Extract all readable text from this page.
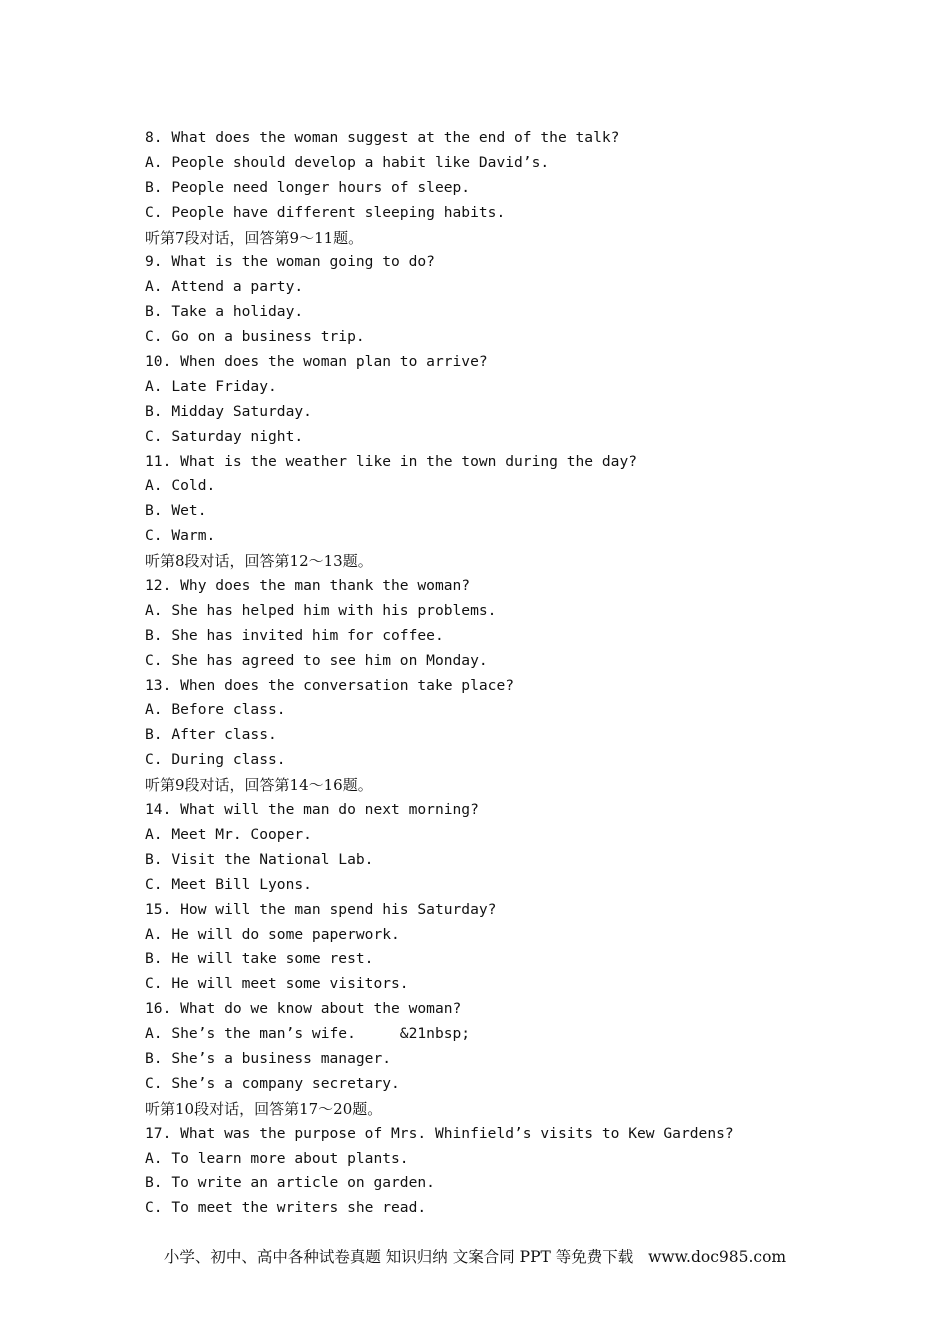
8. What does the woman suggest at the end of the talk?
A. People should develop a habit like David’s.
B. People need longer hours of sleep.
C. People have different sleeping habits.
听第7段对话，回答第9～11题。
9. What is the woman going to do?
A. Attend a party.
B. Take a holiday.
C. Go on a business trip.
10. When does the woman plan to arrive?
A. Late Friday.
B. Midday Saturday.
C. Saturday night.
11. What is the weather like in the town during the day?
A. Cold.
B. Wet.
C. Warm.
听第8段对话，回答第12～13题。
12. Why does the man thank the woman?
A. She has helped him with his problems.
B. She has invited him for coffee.
C. She has agreed to see him on Monday.
13. When does the conversation take place?
A. Before class.
B. After class.
C. During class.
听第9段对话，回答第14～16题。
14. What will the man do next morning?
A. Meet Mr. Cooper.
B. Visit the National Lab.
C. Meet Bill Lyons.
15. How will the man spend his Saturday?
A. He will do some paperwork.
B. He will take some rest.
C. He will meet some visitors.
16. What do we know about the woman?
A. She’s the man’s wife.     &21nbsp;
B. She’s a business manager.
C. She’s a company secretary.
听第10段对话，回答第17～20题。
17. What was the purpose of Mrs. Whinfield’s visits to Kew Gardens?
A. To learn more about plants.
B. To write an article on garden.
C. To meet the writers she read.
小学、初中、高中各种试卷真题 知识归纳 文案合同 PPT 等免费下载   www.doc985.com
